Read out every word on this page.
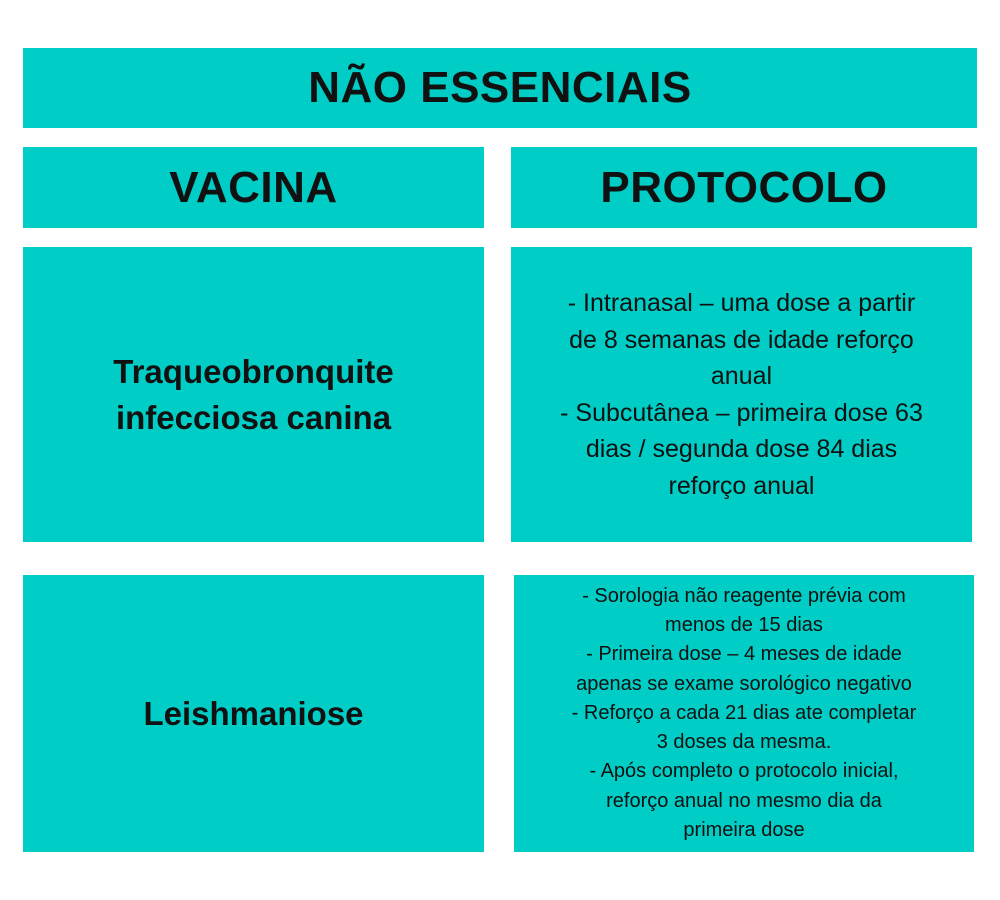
NÃO ESSENCIAIS
VACINA	PROTOCOLO
Traqueobronquite
infecciosa canina
- Intranasal – uma dose a partir
de 8 semanas de idade reforço
anual
- Subcutânea – primeira dose 63
dias / segunda dose 84 dias
reforço anual
Leishmaniose
- Sorologia não reagente prévia com
menos de 15 dias
- Primeira dose – 4 meses de idade
apenas se exame sorológico negativo
- Reforço a cada 21 dias ate completar
3 doses da mesma.
- Após completo o protocolo inicial,
reforço anual no mesmo dia da
primeira dose
